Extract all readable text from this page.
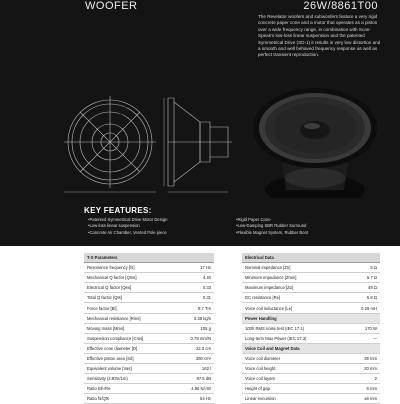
WOOFER	26W/8861T00

The Revelator woofers and subwoofers feature a very rigid concrete paper cone and a motor that operates as a piston over a wide frequency range, in combination with Scan-Speak's low-loss linear suspension and the patented Symmetrical Drive (SD-1) it results in very low distortion and a smooth and well behaved frequency response as well as perfect transient reproduction.

KEY FEATURES:
• Patented Symmetrical Drive Motor Design
• Low-loss linear suspension
• Concrete Air Chamber, Vented Pole piece
• Rigid Paper Cone
• Low-Damping SBR Rubber Surround
• Flexible Magnet System, Rubber Boot
T-S Parameters	
Resonance frequency [fs]	17 Hz
Mechanical Q factor [Qms]	4.40
Electrical Q factor [Qes]	0.33
Total Q factor [Qts]	0.31
Force factor [Bl]	9.7 Tm
Mechanical resistance [Rms]	0.38 kg/s
Moving mass [Mms]	105 g
Suspension compliance [Cms]	0.79 mm/N
Effective cone diameter [D]	22.0 cm
Effective piston area [Sd]	380 cm²
Equivalent volume [Vas]	162 l
Sensitivity (2.83V/1m)	87.5 dB
Ratio Bl/√Re	4.96 N/√W
Ratio fs/Qts	54 Hz
Electrical Data	
Nominal impedance [Zn]	8 Ω
Minimum impedance [Zmin]	6.7 Ω
Maximum impedance [Zo]	49 Ω
DC resistance [Re]	5.8 Ω
Voice coil inductance [Le]	0.26 mH
Power Handling	
100h RMS noise test (IEC 17.1)	170 W
Long-term Max Power (IEC 17.3)	—
Voice Coil and Magnet Data	
Voice coil diameter	39 mm
Voice coil height	20 mm
Voice coil layers	2
Height of gap	8 mm
Linear excursion	±6 mm
